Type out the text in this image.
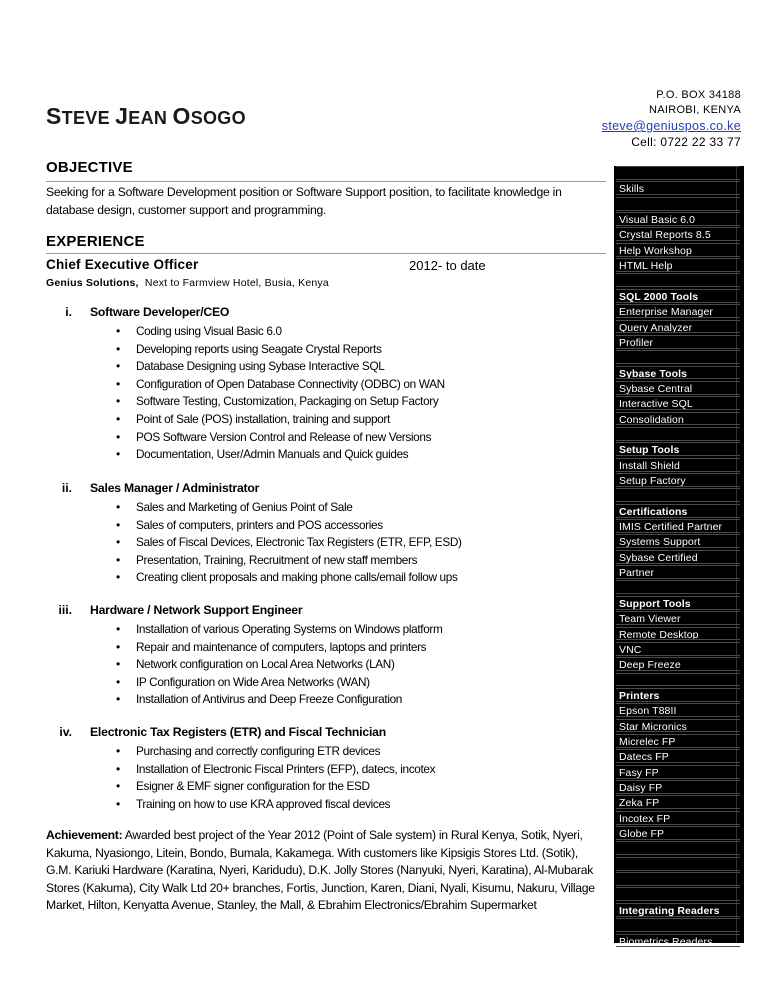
STEVE JEAN OSOGO
P.O. BOX 34188
NAIROBI, KENYA
steve@geniuspos.co.ke
Cell: 0722 22 33 77
OBJECTIVE
Seeking for a Software Development position or Software Support position, to facilitate knowledge in database design, customer support and programming.
EXPERIENCE
Chief Executive Officer	2012- to date
Genius Solutions, Next to Farmview Hotel, Busia, Kenya
i. Software Developer/CEO
• Coding using Visual Basic 6.0
• Developing reports using Seagate Crystal Reports
• Database Designing using Sybase Interactive SQL
• Configuration of Open Database Connectivity (ODBC) on WAN
• Software Testing, Customization, Packaging on Setup Factory
• Point of Sale (POS) installation, training and support
• POS Software Version Control and Release of new Versions
• Documentation, User/Admin Manuals and Quick guides
ii. Sales Manager / Administrator
• Sales and Marketing of Genius Point of Sale
• Sales of computers, printers and POS accessories
• Sales of Fiscal Devices, Electronic Tax Registers (ETR, EFP, ESD)
• Presentation, Training, Recruitment of new staff members
• Creating client proposals and making phone calls/email follow ups
iii. Hardware / Network Support Engineer
• Installation of various Operating Systems on Windows platform
• Repair and maintenance of computers, laptops and printers
• Network configuration on Local Area Networks (LAN)
• IP Configuration on Wide Area Networks (WAN)
• Installation of Antivirus and Deep Freeze Configuration
iv. Electronic Tax Registers (ETR) and Fiscal Technician
• Purchasing and correctly configuring ETR devices
• Installation of Electronic Fiscal Printers (EFP), datecs, incotex
• Esigner & EMF signer configuration for the ESD
• Training on how to use KRA approved fiscal devices
Achievement: Awarded best project of the Year 2012 (Point of Sale system) in Rural Kenya, Sotik, Nyeri, Kakuma, Nyasiongo, Litein, Bondo, Bumala, Kakamega. With customers like Kipsigis Stores Ltd. (Sotik), G.M. Kariuki Hardware (Karatina, Nyeri, Karidudu), D.K. Jolly Stores (Nanyuki, Nyeri, Karatina), Al-Mubarak Stores (Kakuma), City Walk Ltd 20+ branches, Fortis, Junction, Karen, Diani, Nyali, Kisumu, Nakuru, Village Market, Hilton, Kenyatta Avenue, Stanley, the Mall, & Ebrahim Electronics/Ebrahim Supermarket
Skills
Visual Basic 6.0
Crystal Reports 8.5
Help Workshop
HTML Help
SQL 2000 Tools
Enterprise Manager
Query Analyzer
Profiler
Sybase Tools
Sybase Central
Interactive SQL
Consolidation
Setup Tools
Install Shield
Setup Factory
Certifications
IMIS Certified Partner
Systems Support
Sybase Certified
Partner
Support Tools
Team Viewer
Remote Desktop
VNC
Deep Freeze
Printers
Epson T88II
Star Micronics
Micrelec FP
Datecs FP
Fasy FP
Daisy FP
Zeka FP
Incotex FP
Globe FP
Integrating Readers
Biometrics Readers
